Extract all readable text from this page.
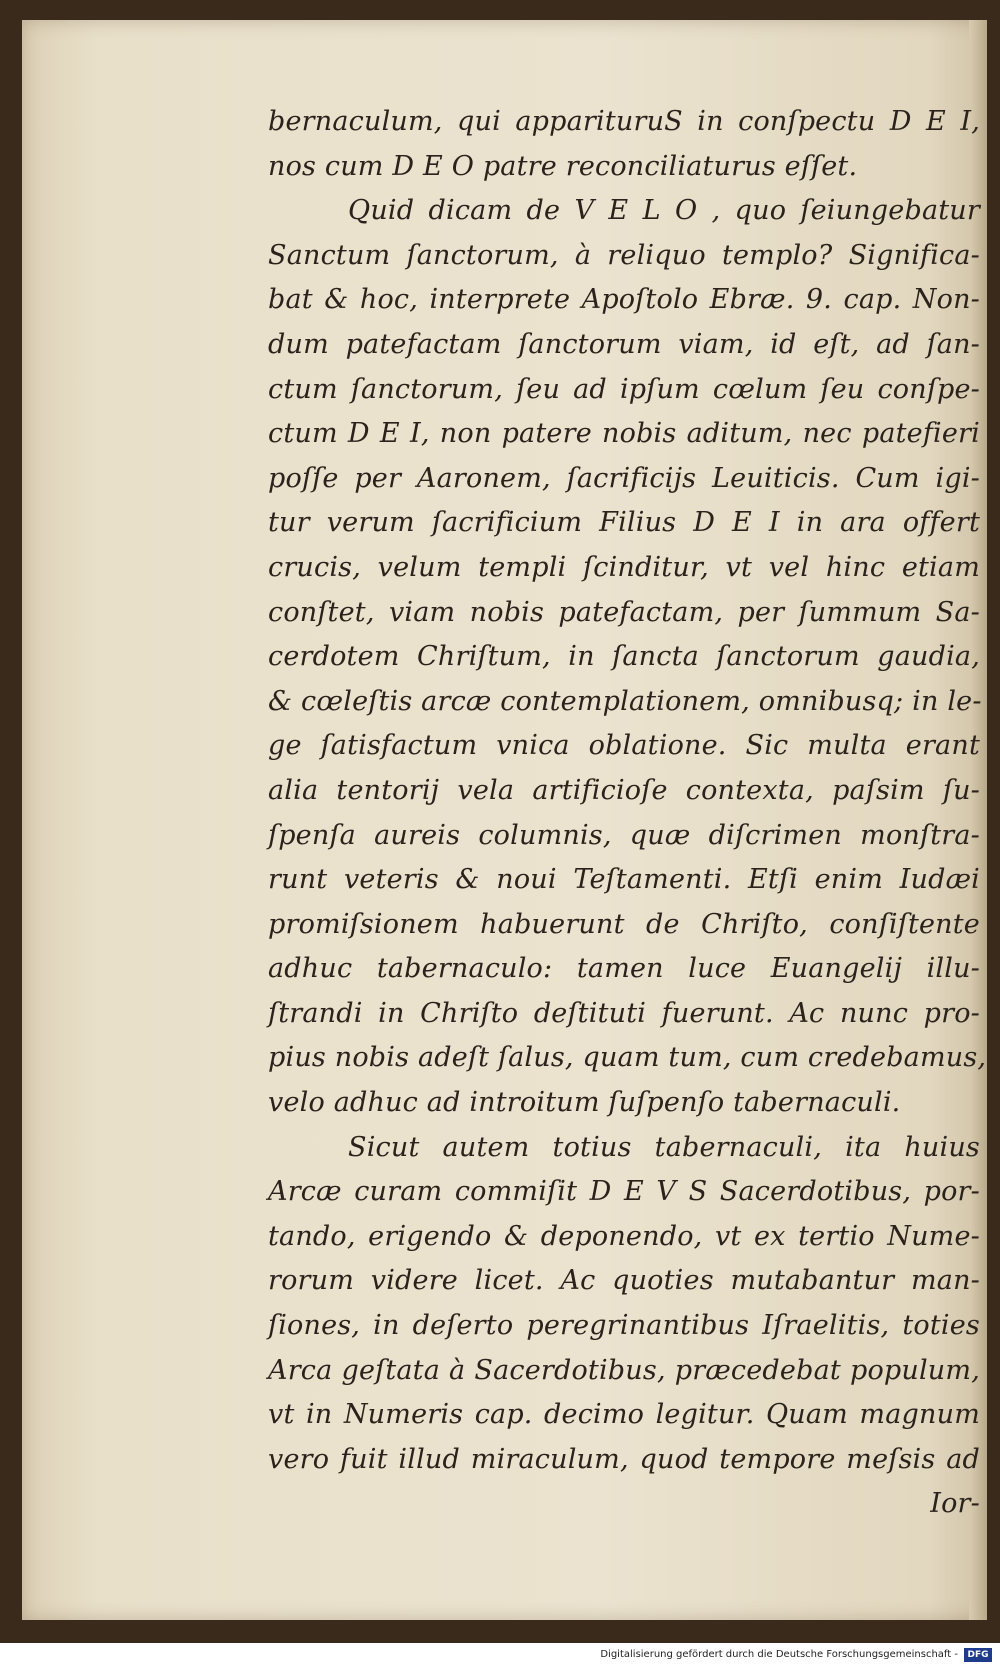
bernaculum, qui apparituruS in conſpectu D E I,
nos cum D E O patre reconciliaturus eſſet.
Quid dicam de V E L O , quo ſeiungebatur
Sanctum ſanctorum, à reliquo templo? Significa-
bat & hoc, interprete Apoſtolo Ebræ. 9. cap. Non-
dum patefactam ſanctorum viam, id eſt, ad ſan-
ctum ſanctorum, ſeu ad ipſum cœlum ſeu conſpe-
ctum D E I, non patere nobis aditum, nec patefieri
poſſe per Aaronem, ſacrificijs Leuiticis. Cum igi-
tur verum ſacrificium Filius D E I in ara offert
crucis, velum templi ſcinditur, vt vel hinc etiam
conſtet, viam nobis patefactam, per ſummum Sa-
cerdotem Chriſtum, in ſancta ſanctorum gaudia,
& cœleſtis arcæ contemplationem, omnibusq; in le-
ge ſatisfactum vnica oblatione. Sic multa erant
alia tentorij vela artificioſe contexta, paſsim ſu-
ſpenſa aureis columnis, quæ diſcrimen monſtra-
runt veteris & noui Teſtamenti. Etſi enim Iudæi
promiſsionem habuerunt de Chriſto, conſiſtente
adhuc tabernaculo: tamen luce Euangelij illu-
ſtrandi in Chriſto deſtituti fuerunt. Ac nunc pro-
pius nobis adeſt ſalus, quam tum, cum credebamus,
velo adhuc ad introitum ſuſpenſo tabernaculi.
Sicut autem totius tabernaculi, ita huius
Arcæ curam commiſit D E V S Sacerdotibus, por-
tando, erigendo & deponendo, vt ex tertio Nume-
rorum videre licet. Ac quoties mutabantur man-
ſiones, in deſerto peregrinantibus Iſraelitis, toties
Arca geſtata à Sacerdotibus, præcedebat populum,
vt in Numeris cap. decimo legitur. Quam magnum
vero fuit illud miraculum, quod tempore meſsis ad
Ior-
Digitalisierung gefördert durch die Deutsche Forschungsgemeinschaft -	DFG
